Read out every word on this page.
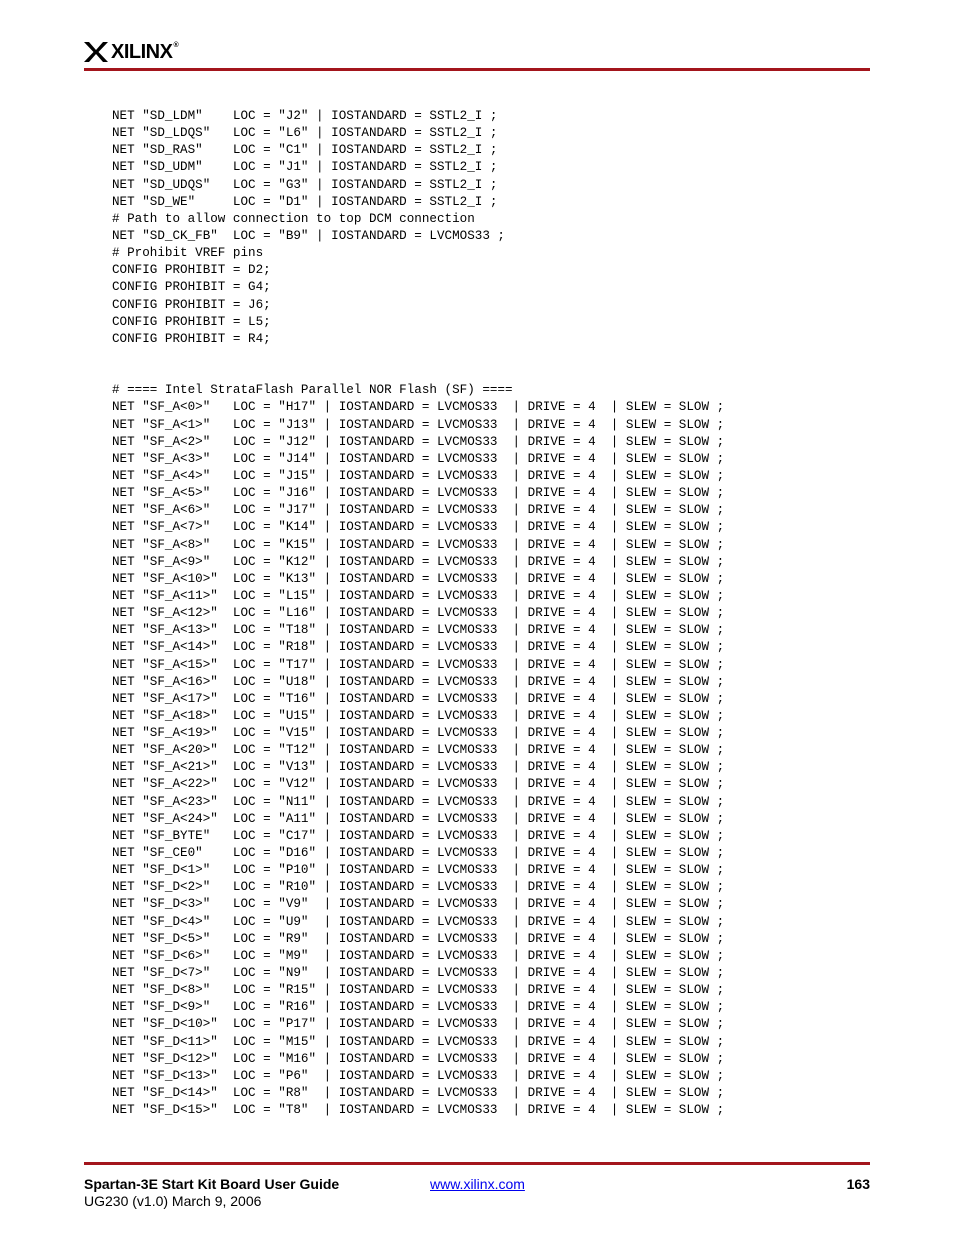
XILINX®
NET "SD_LDM"    LOC = "J2" | IOSTANDARD = SSTL2_I ;
NET "SD_LDQS"   LOC = "L6" | IOSTANDARD = SSTL2_I ;
NET "SD_RAS"    LOC = "C1" | IOSTANDARD = SSTL2_I ;
NET "SD_UDM"    LOC = "J1" | IOSTANDARD = SSTL2_I ;
NET "SD_UDQS"   LOC = "G3" | IOSTANDARD = SSTL2_I ;
NET "SD_WE"     LOC = "D1" | IOSTANDARD = SSTL2_I ;
# Path to allow connection to top DCM connection
NET "SD_CK_FB"  LOC = "B9" | IOSTANDARD = LVCMOS33 ;
# Prohibit VREF pins
CONFIG PROHIBIT = D2;
CONFIG PROHIBIT = G4;
CONFIG PROHIBIT = J6;
CONFIG PROHIBIT = L5;
CONFIG PROHIBIT = R4;
# ==== Intel StrataFlash Parallel NOR Flash (SF) ====
NET "SF_A<0>"   LOC = "H17" | IOSTANDARD = LVCMOS33  | DRIVE = 4  | SLEW = SLOW ;
NET "SF_A<1>"   LOC = "J13" | IOSTANDARD = LVCMOS33  | DRIVE = 4  | SLEW = SLOW ;
NET "SF_A<2>"   LOC = "J12" | IOSTANDARD = LVCMOS33  | DRIVE = 4  | SLEW = SLOW ;
NET "SF_A<3>"   LOC = "J14" | IOSTANDARD = LVCMOS33  | DRIVE = 4  | SLEW = SLOW ;
NET "SF_A<4>"   LOC = "J15" | IOSTANDARD = LVCMOS33  | DRIVE = 4  | SLEW = SLOW ;
NET "SF_A<5>"   LOC = "J16" | IOSTANDARD = LVCMOS33  | DRIVE = 4  | SLEW = SLOW ;
NET "SF_A<6>"   LOC = "J17" | IOSTANDARD = LVCMOS33  | DRIVE = 4  | SLEW = SLOW ;
NET "SF_A<7>"   LOC = "K14" | IOSTANDARD = LVCMOS33  | DRIVE = 4  | SLEW = SLOW ;
NET "SF_A<8>"   LOC = "K15" | IOSTANDARD = LVCMOS33  | DRIVE = 4  | SLEW = SLOW ;
NET "SF_A<9>"   LOC = "K12" | IOSTANDARD = LVCMOS33  | DRIVE = 4  | SLEW = SLOW ;
NET "SF_A<10>"  LOC = "K13" | IOSTANDARD = LVCMOS33  | DRIVE = 4  | SLEW = SLOW ;
NET "SF_A<11>"  LOC = "L15" | IOSTANDARD = LVCMOS33  | DRIVE = 4  | SLEW = SLOW ;
NET "SF_A<12>"  LOC = "L16" | IOSTANDARD = LVCMOS33  | DRIVE = 4  | SLEW = SLOW ;
NET "SF_A<13>"  LOC = "T18" | IOSTANDARD = LVCMOS33  | DRIVE = 4  | SLEW = SLOW ;
NET "SF_A<14>"  LOC = "R18" | IOSTANDARD = LVCMOS33  | DRIVE = 4  | SLEW = SLOW ;
NET "SF_A<15>"  LOC = "T17" | IOSTANDARD = LVCMOS33  | DRIVE = 4  | SLEW = SLOW ;
NET "SF_A<16>"  LOC = "U18" | IOSTANDARD = LVCMOS33  | DRIVE = 4  | SLEW = SLOW ;
NET "SF_A<17>"  LOC = "T16" | IOSTANDARD = LVCMOS33  | DRIVE = 4  | SLEW = SLOW ;
NET "SF_A<18>"  LOC = "U15" | IOSTANDARD = LVCMOS33  | DRIVE = 4  | SLEW = SLOW ;
NET "SF_A<19>"  LOC = "V15" | IOSTANDARD = LVCMOS33  | DRIVE = 4  | SLEW = SLOW ;
NET "SF_A<20>"  LOC = "T12" | IOSTANDARD = LVCMOS33  | DRIVE = 4  | SLEW = SLOW ;
NET "SF_A<21>"  LOC = "V13" | IOSTANDARD = LVCMOS33  | DRIVE = 4  | SLEW = SLOW ;
NET "SF_A<22>"  LOC = "V12" | IOSTANDARD = LVCMOS33  | DRIVE = 4  | SLEW = SLOW ;
NET "SF_A<23>"  LOC = "N11" | IOSTANDARD = LVCMOS33  | DRIVE = 4  | SLEW = SLOW ;
NET "SF_A<24>"  LOC = "A11" | IOSTANDARD = LVCMOS33  | DRIVE = 4  | SLEW = SLOW ;
NET "SF_BYTE"   LOC = "C17" | IOSTANDARD = LVCMOS33  | DRIVE = 4  | SLEW = SLOW ;
NET "SF_CE0"    LOC = "D16" | IOSTANDARD = LVCMOS33  | DRIVE = 4  | SLEW = SLOW ;
NET "SF_D<1>"   LOC = "P10" | IOSTANDARD = LVCMOS33  | DRIVE = 4  | SLEW = SLOW ;
NET "SF_D<2>"   LOC = "R10" | IOSTANDARD = LVCMOS33  | DRIVE = 4  | SLEW = SLOW ;
NET "SF_D<3>"   LOC = "V9"  | IOSTANDARD = LVCMOS33  | DRIVE = 4  | SLEW = SLOW ;
NET "SF_D<4>"   LOC = "U9"  | IOSTANDARD = LVCMOS33  | DRIVE = 4  | SLEW = SLOW ;
NET "SF_D<5>"   LOC = "R9"  | IOSTANDARD = LVCMOS33  | DRIVE = 4  | SLEW = SLOW ;
NET "SF_D<6>"   LOC = "M9"  | IOSTANDARD = LVCMOS33  | DRIVE = 4  | SLEW = SLOW ;
NET "SF_D<7>"   LOC = "N9"  | IOSTANDARD = LVCMOS33  | DRIVE = 4  | SLEW = SLOW ;
NET "SF_D<8>"   LOC = "R15" | IOSTANDARD = LVCMOS33  | DRIVE = 4  | SLEW = SLOW ;
NET "SF_D<9>"   LOC = "R16" | IOSTANDARD = LVCMOS33  | DRIVE = 4  | SLEW = SLOW ;
NET "SF_D<10>"  LOC = "P17" | IOSTANDARD = LVCMOS33  | DRIVE = 4  | SLEW = SLOW ;
NET "SF_D<11>"  LOC = "M15" | IOSTANDARD = LVCMOS33  | DRIVE = 4  | SLEW = SLOW ;
NET "SF_D<12>"  LOC = "M16" | IOSTANDARD = LVCMOS33  | DRIVE = 4  | SLEW = SLOW ;
NET "SF_D<13>"  LOC = "P6"  | IOSTANDARD = LVCMOS33  | DRIVE = 4  | SLEW = SLOW ;
NET "SF_D<14>"  LOC = "R8"  | IOSTANDARD = LVCMOS33  | DRIVE = 4  | SLEW = SLOW ;
NET "SF_D<15>"  LOC = "T8"  | IOSTANDARD = LVCMOS33  | DRIVE = 4  | SLEW = SLOW ;
Spartan-3E Start Kit Board User Guide
UG230 (v1.0) March 9, 2006
www.xilinx.com	163
